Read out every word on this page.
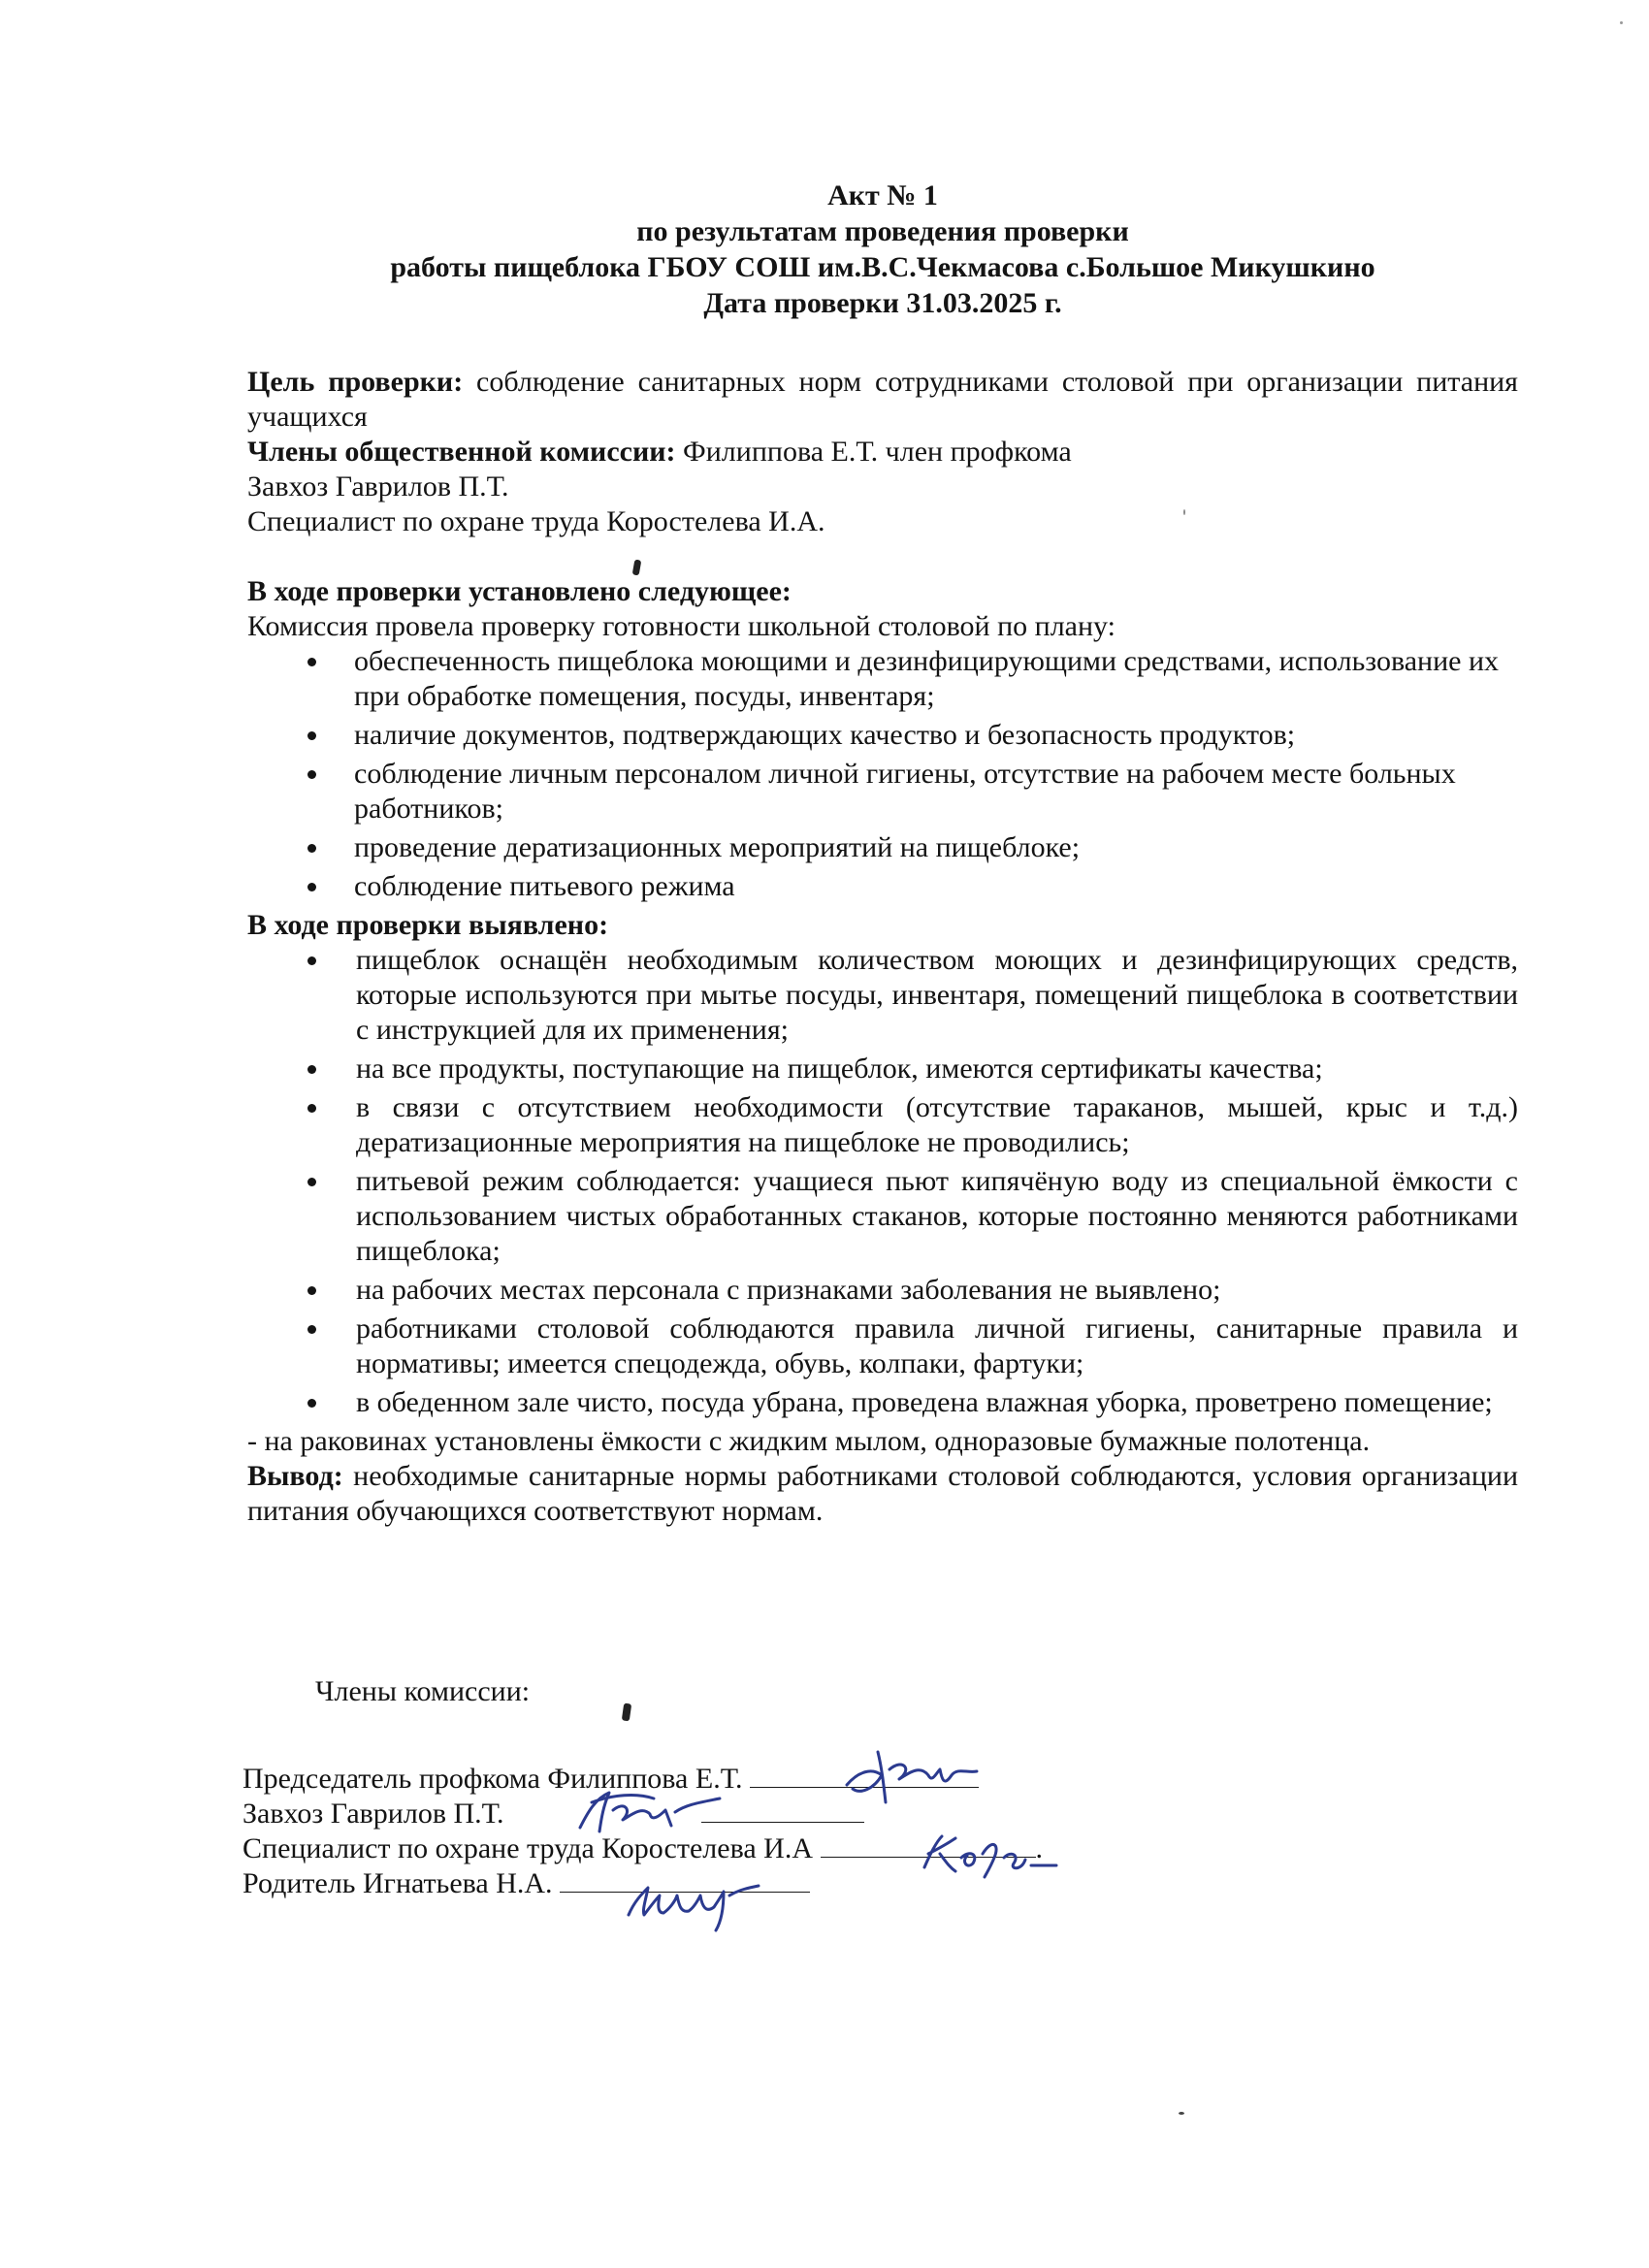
Акт № 1
по результатам проведения проверки
работы пищеблока ГБОУ СОШ им.В.С.Чекмасова с.Большое Микушкино
Дата проверки 31.03.2025 г.

Цель проверки: соблюдение санитарных норм сотрудниками столовой при организации питания учащихся

Члены общественной комиссии: Филиппова Е.Т. член профкома

Завхоз Гаврилов П.Т.

Специалист по охране труда Коростелева И.А.

В ходе проверки установлено следующее:

Комиссия провела проверку готовности школьной столовой по плану:

обеспеченность пищеблока моющими и дезинфицирующими средствами, использование их при обработке помещения, посуды, инвентаря;
наличие документов, подтверждающих качество и безопасность продуктов;
соблюдение личным персоналом личной гигиены, отсутствие на рабочем месте больных работников;
проведение дератизационных мероприятий на пищеблоке;
соблюдение питьевого режима

В ходе проверки выявлено:

пищеблок оснащён необходимым количеством моющих и дезинфицирующих средств, которые используются при мытье посуды, инвентаря, помещений пищеблока в соответствии с инструкцией для их применения;
на все продукты, поступающие на пищеблок, имеются сертификаты качества;
в связи с отсутствием необходимости (отсутствие тараканов, мышей, крыс и т.д.) дератизационные мероприятия на пищеблоке не проводились;
питьевой режим соблюдается: учащиеся пьют кипячёную воду из специальной ёмкости с использованием чистых обработанных стаканов, которые постоянно меняются работниками пищеблока;
на рабочих местах персонала с признаками заболевания не выявлено;
работниками столовой соблюдаются правила личной гигиены, санитарные правила и нормативы; имеется спецодежда, обувь, колпаки, фартуки;
в обеденном зале чисто, посуда убрана, проведена влажная уборка, проветрено помещение;

- на раковинах установлены ёмкости с жидким мылом, одноразовые бумажные полотенца.

Вывод: необходимые санитарные нормы работниками столовой соблюдаются, условия организации питания обучающихся соответствуют нормам.

Члены комиссии:
Председатель профкома Филиппова Е.Т.
Завхоз Гаврилов П.Т.
Специалист по охране труда Коростелева И.А	.
Родитель Игнатьева Н.А.
